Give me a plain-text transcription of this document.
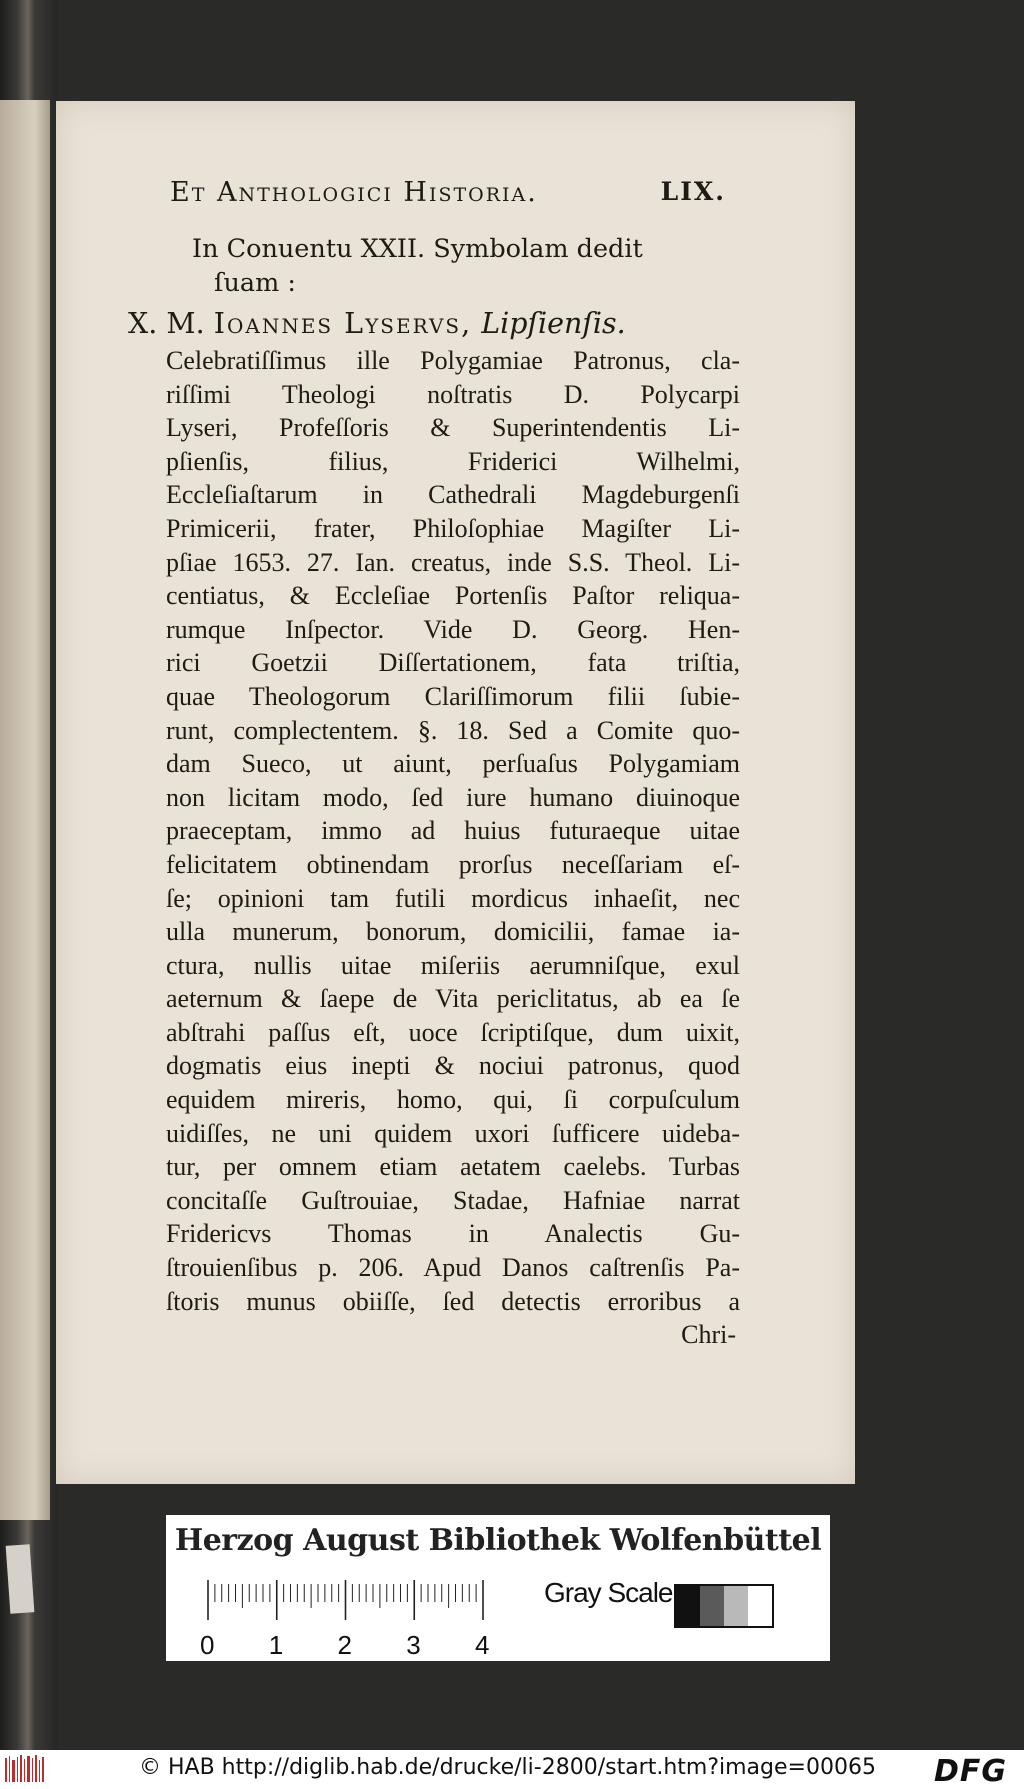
Et Anthologici Historia.	LIX.

In Conuentu XXII. Symbolam dedit
ſuam :

X. M. Ioannes Lyservs, Lipſienſis.

Celebratiſſimus ille Polygamiae Patronus, cla-
riſſimi Theologi noſtratis D. Polycarpi
Lyseri, Profeſſoris & Superintendentis Li-
pſienſis, filius, Friderici Wilhelmi,
Eccleſiaſtarum in Cathedrali Magdeburgenſi
Primicerii, frater, Philoſophiae Magiſter Li-
pſiae 1653. 27. Ian. creatus, inde S.S. Theol. Li-
centiatus, & Eccleſiae Portenſis Paſtor reliqua-
rumque Inſpector. Vide D. Georg. Hen-
rici Goetzii Diſſertationem, fata triſtia,
quae Theologorum Clariſſimorum filii ſubie-
runt, complectentem. §. 18. Sed a Comite quo-
dam Sueco, ut aiunt, perſuaſus Polygamiam
non licitam modo, ſed iure humano diuinoque
praeceptam, immo ad huius futuraeque uitae
felicitatem obtinendam prorſus neceſſariam eſ-
ſe; opinioni tam futili mordicus inhaeſit, nec
ulla munerum, bonorum, domicilii, famae ia-
ctura, nullis uitae miſeriis aerumniſque, exul
aeternum & ſaepe de Vita periclitatus, ab ea ſe
abſtrahi paſſus eſt, uoce ſcriptiſque, dum uixit,
dogmatis eius inepti & nociui patronus, quod
equidem mireris, homo, qui, ſi corpuſculum
uidiſſes, ne uni quidem uxori ſufficere uideba-
tur, per omnem etiam aetatem caelebs. Turbas
concitaſſe Guſtrouiae, Stadae, Hafniae narrat
Fridericvs Thomas in Analectis Gu-
ſtrouienſibus p. 206. Apud Danos caſtrenſis Pa-
ſtoris munus obiiſſe, ſed detectis erroribus a
Chri-
Herzog August Bibliothek Wolfenbüttel
0 1 2 3 4
Gray Scale
© HAB http://diglib.hab.de/drucke/li-2800/start.htm?image=00065 DFG
